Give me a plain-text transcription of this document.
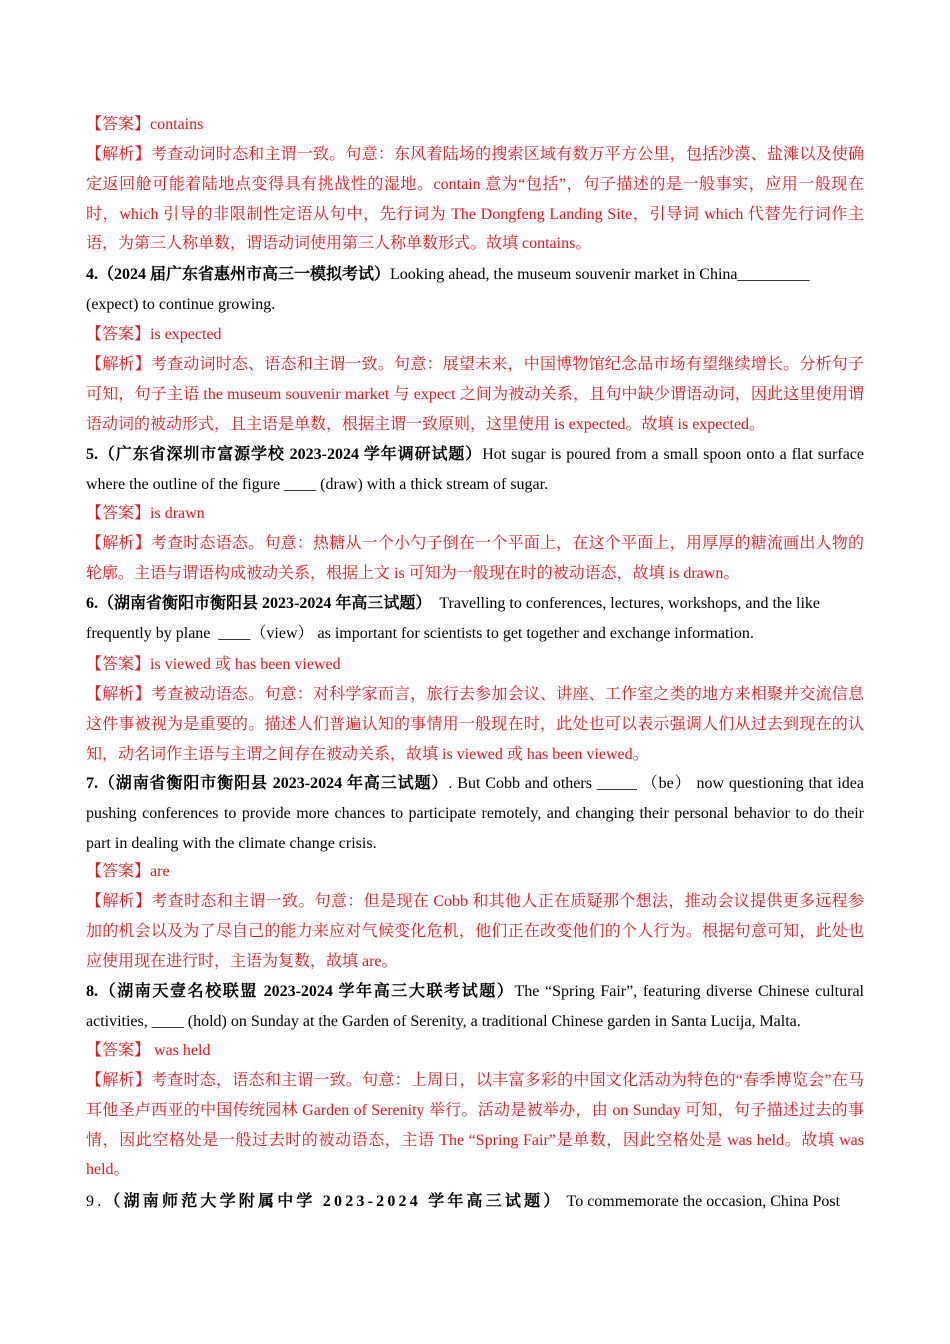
【答案】contains

【解析】考查动词时态和主谓一致。句意：东风着陆场的搜索区域有数万平方公里，包括沙漠、盐滩以及使确定返回舱可能着陆地点变得具有挑战性的湿地。contain 意为“包括”，句子描述的是一般事实，应用一般现在时，which 引导的非限制性定语从句中，先行词为 The Dongfeng Landing Site，引导词 which 代替先行词作主语，为第三人称单数，谓语动词使用第三人称单数形式。故填 contains。

4.（2024 届广东省惠州市高三一模拟考试）Looking ahead, the museum souvenir market in China_________
(expect) to continue growing.

【答案】is expected

【解析】考查动词时态、语态和主谓一致。句意：展望未来，中国博物馆纪念品市场有望继续增长。分析句子可知，句子主语 the museum souvenir market 与 expect 之间为被动关系，且句中缺少谓语动词，因此这里使用谓语动词的被动形式，且主语是单数，根据主谓一致原则，这里使用 is expected。故填 is expected。

5.（广东省深圳市富源学校 2023-2024 学年调研试题）Hot sugar is poured from a small spoon onto a flat surface where the outline of the figure ____ (draw) with a thick stream of sugar.

【答案】is drawn

【解析】考查时态语态。句意：热糖从一个小勺子倒在一个平面上，在这个平面上，用厚厚的糖流画出人物的轮廓。主语与谓语构成被动关系，根据上文 is 可知为一般现在时的被动语态，故填 is drawn。

6.（湖南省衡阳市衡阳县 2023-2024 年高三试题） Travelling to conferences, lectures, workshops, and the like frequently by plane ____（view） as important for scientists to get together and exchange information.

【答案】is viewed 或 has been viewed

【解析】考查被动语态。句意：对科学家而言，旅行去参加会议、讲座、工作室之类的地方来相聚并交流信息这件事被视为是重要的。描述人们普遍认知的事情用一般现在时，此处也可以表示强调人们从过去到现在的认知，动名词作主语与主谓之间存在被动关系，故填 is viewed 或 has been viewed。

7.（湖南省衡阳市衡阳县 2023-2024 年高三试题）. But Cobb and others _____ （be） now questioning that idea pushing conferences to provide more chances to participate remotely, and changing their personal behavior to do their part in dealing with the climate change crisis.

【答案】are

【解析】考查时态和主谓一致。句意：但是现在 Cobb 和其他人正在质疑那个想法，推动会议提供更多远程参加的机会以及为了尽自己的能力来应对气候变化危机，他们正在改变他们的个人行为。根据句意可知，此处也应使用现在进行时，主语为复数，故填 are。

8.（湖南天壹名校联盟 2023-2024 学年高三大联考试题）The “Spring Fair”, featuring diverse Chinese cultural activities, ____ (hold) on Sunday at the Garden of Serenity, a traditional Chinese garden in Santa Lucija, Malta.

【答案】 was held

【解析】考查时态，语态和主谓一致。句意：上周日，以丰富多彩的中国文化活动为特色的“春季博览会”在马耳他圣卢西亚的中国传统园林 Garden of Serenity 举行。活动是被举办，由 on Sunday 可知，句子描述过去的事情，因此空格处是一般过去时的被动语态，主语 The “Spring Fair”是单数，因此空格处是 was held。故填 was held。

9.（湖南师范大学附属中学 2023-2024 学年高三试题） To commemorate the occasion, China Post
